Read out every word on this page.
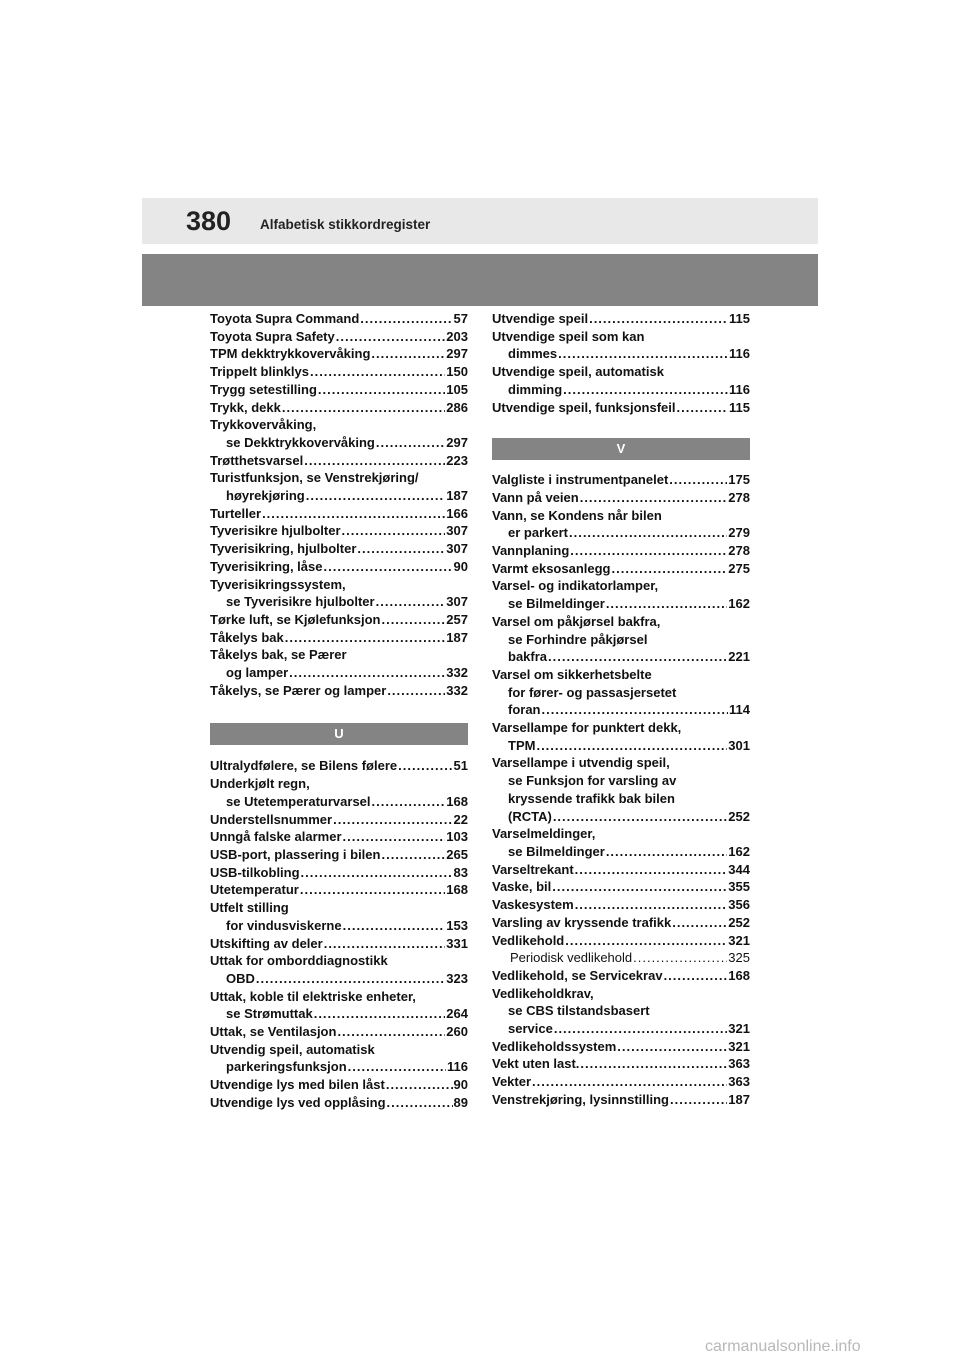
380 Alfabetisk stikkordregister
Toyota Supra Command .....	57
Toyota Supra Safety .....	203
TPM dekktrykkovervåking .....	297
Trippelt blinklys .....	150
Trygg setestilling .....	105
Trykk, dekk .....	286
Trykkovervåking,
se Dekktrykkovervåking .....	297
Trøtthetsvarsel .....	223
Turistfunksjon, se Venstrekjøring/
høyrekjøring .....	187
Turteller .....	166
Tyverisikre hjulbolter .....	307
Tyverisikring, hjulbolter .....	307
Tyverisikring, låse .....	90
Tyverisikringssystem,
se Tyverisikre hjulbolter .....	307
Tørke luft, se Kjølefunksjon .....	257
Tåkelys bak .....	187
Tåkelys bak, se Pærer
og lamper .....	332
Tåkelys, se Pærer og lamper .....	332
U
Ultralydfølere, se Bilens følere .....	51
Underkjølt regn,
se Utetemperaturvarsel .....	168
Understellsnummer .....	22
Unngå falske alarmer .....	103
USB-port, plassering i bilen .....	265
USB-tilkobling .....	83
Utetemperatur .....	168
Utfelt stilling
for vindusviskerne .....	153
Utskifting av deler .....	331
Uttak for omborddiagnostikk
OBD .....	323
Uttak, koble til elektriske enheter,
se Strømuttak .....	264
Uttak, se Ventilasjon .....	260
Utvendig speil, automatisk
parkeringsfunksjon .....	116
Utvendige lys med bilen låst .....	90
Utvendige lys ved opplåsing .....	89
Utvendige speil .....	115
Utvendige speil som kan
dimmes .....	116
Utvendige speil, automatisk
dimming .....	116
Utvendige speil, funksjonsfeil .....	115
V
Valgliste i instrumentpanelet .....	175
Vann på veien .....	278
Vann, se Kondens når bilen
er parkert .....	279
Vannplaning .....	278
Varmt eksosanlegg .....	275
Varsel- og indikatorlamper,
se Bilmeldinger .....	162
Varsel om påkjørsel bakfra,
se Forhindre påkjørsel
bakfra .....	221
Varsel om sikkerhetsbelte
for fører- og passasjersetet
foran .....	114
Varsellampe for punktert dekk,
TPM .....	301
Varsellampe i utvendig speil,
se Funksjon for varsling av
kryssende trafikk bak bilen
(RCTA) .....	252
Varselmeldinger,
se Bilmeldinger .....	162
Varseltrekant .....	344
Vaske, bil .....	355
Vaskesystem .....	356
Varsling av kryssende trafikk .....	252
Vedlikehold .....	321
Periodisk vedlikehold .....	325
Vedlikehold, se Servicekrav .....	168
Vedlikeholdkrav,
se CBS tilstandsbasert
service .....	321
Vedlikeholdssystem .....	321
Vekt uten last. .....	363
Vekter .....	363
Venstrekjøring, lysinnstilling .....	187
carmanualsonline.info
